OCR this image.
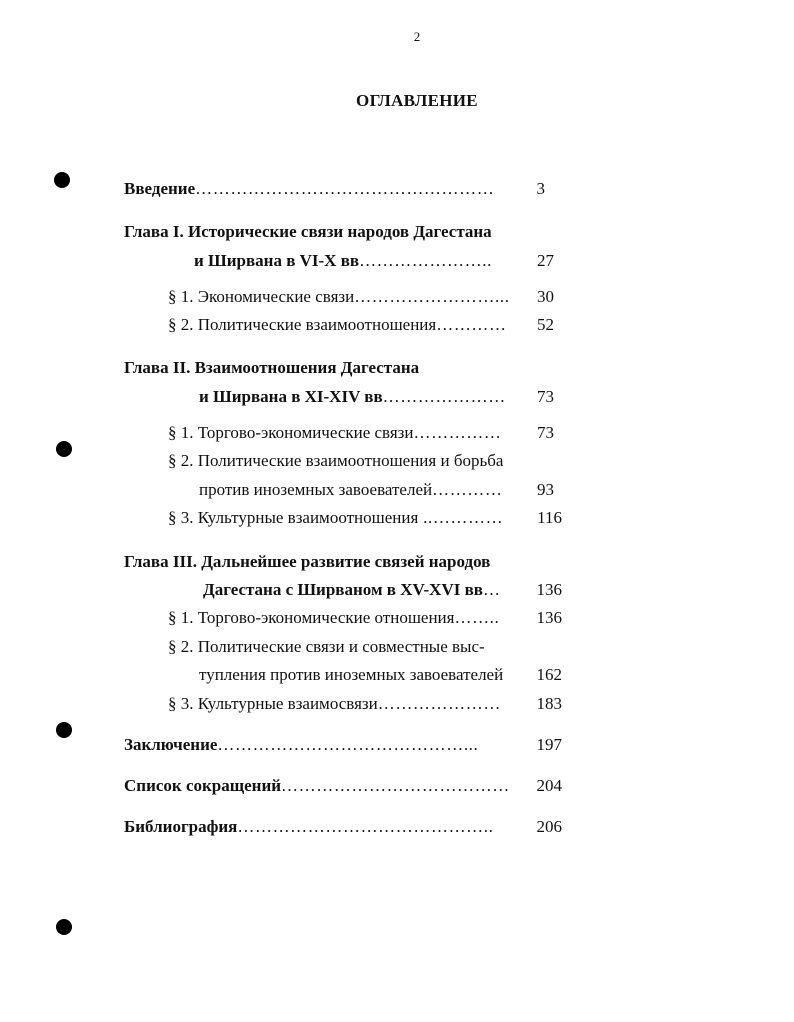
2
ОГЛАВЛЕНИЕ
Введение……………………………………………	3
Глава I. Исторические связи народов Дагестана
и Ширвана в VI-X вв…………………..	27
§ 1. Экономические связи……………………...	30
§ 2. Политические взаимоотношения…………	52
Глава II. Взаимоотношения Дагестана
и Ширвана в XI-XIV вв…………………	73
§ 1. Торгово-экономические связи……………	73
§ 2. Политические взаимоотношения и борьба
против иноземных завоевателей…………	93
§ 3. Культурные взаимоотношения ..…………	116
Глава III. Дальнейшее развитие связей народов
Дагестана с Ширваном в XV-XVI вв…	136
§ 1. Торгово-экономические отношения……..	136
§ 2. Политические связи и совместные выс-
тупления против иноземных завоевателей	162
§ 3. Культурные взаимосвязи…………………	183
Заключение……………………………………...	197
Список сокращений…………………………………	204
Библиография……………………………………..	206
